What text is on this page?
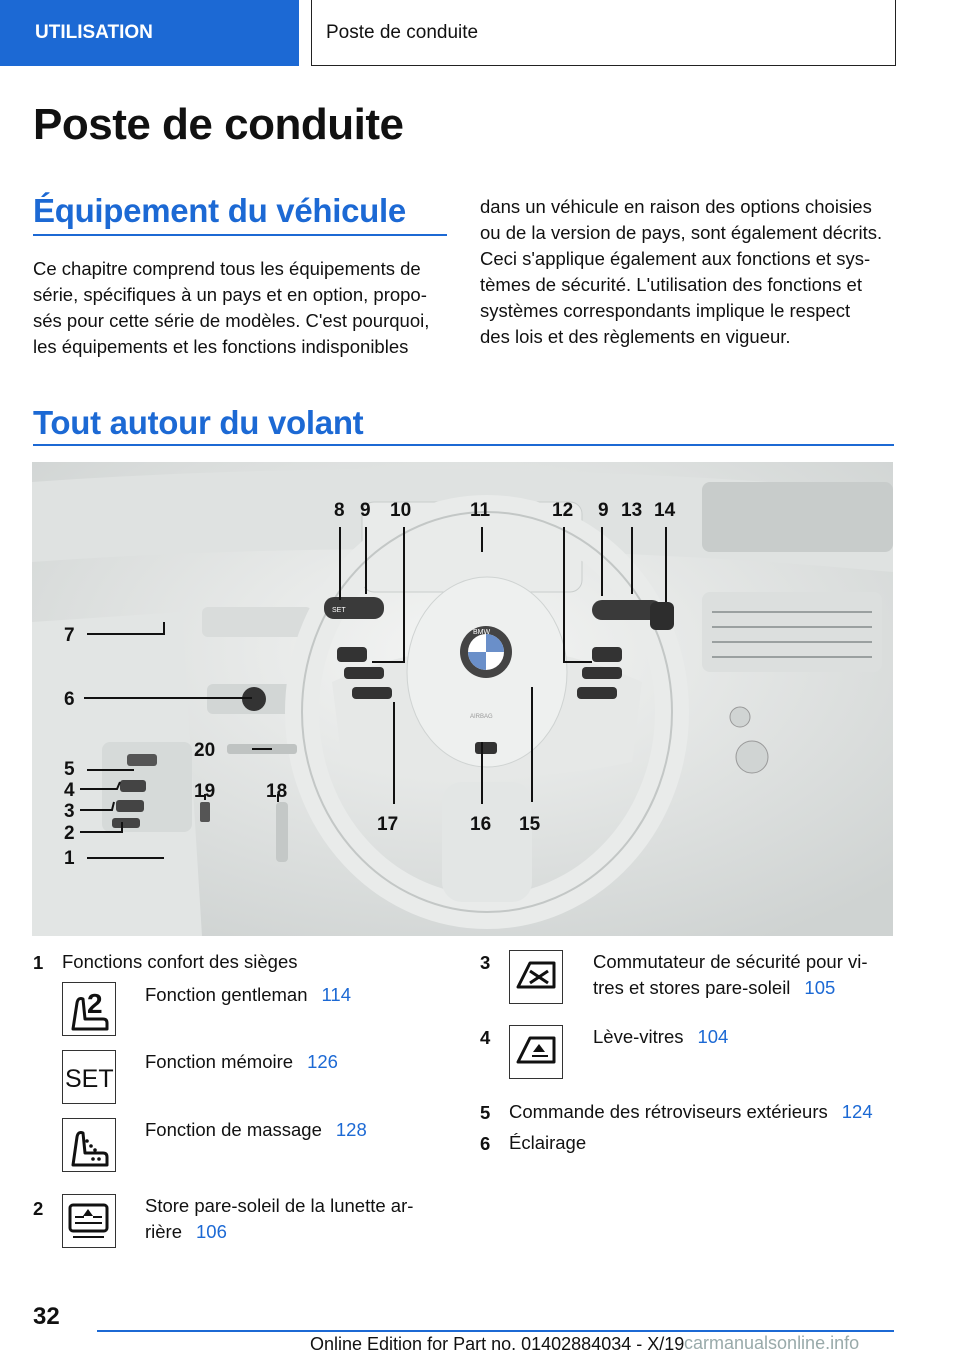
UTILISATION	Poste de conduite
Poste de conduite
Équipement du véhicule
Ce chapitre comprend tous les équipements de
série, spécifiques à un pays et en option, propo-
sés pour cette série de modèles. C'est pourquoi,
les équipements et les fonctions indisponibles
dans un véhicule en raison des options choisies
ou de la version de pays, sont également décrits.
Ceci s'applique également aux fonctions et sys-
tèmes de sécurité. L'utilisation des fonctions et
systèmes correspondants implique le respect
des lois et des règlements en vigueur.
Tout autour du volant
BMW
AIRBAG
SET
1
2
3
4
5
6
7
8 9 10	11	12 9 13 14
15
16
17
18
19
20
1 Fonctions confort des sièges
2 Fonction gentleman 114
SET
Fonction mémoire 126
Fonction de massage 128
2	Store pare-soleil de la lunette ar-
rière 106
3	Commutateur de sécurité pour vi-
tres et stores pare-soleil 105
4	Lève-vitres 104
5 Commande des rétroviseurs extérieurs 124
6 Éclairage
32
Online Edition for Part no. 01402884034 - X/19 carmanualsonline.info
